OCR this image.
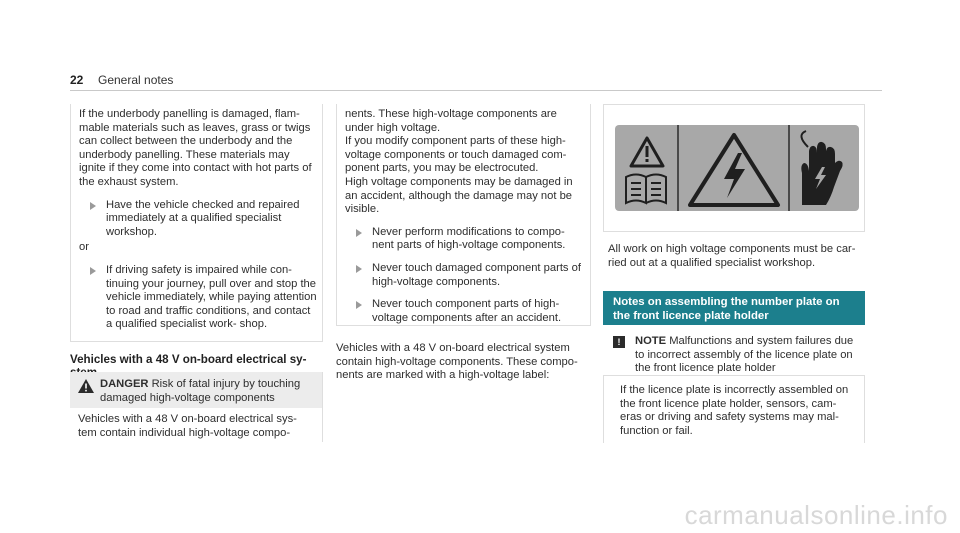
22 General notes

If the underbody panelling is damaged, flam- mable materials such as leaves, grass or twigs can collect between the underbody and the underbody panelling. These materials may ignite if they come into contact with hot parts of the exhaust system.

Have the vehicle checked and repaired immediately at a qualified specialist workshop.

or

If driving safety is impaired while con- tinuing your journey, pull over and stop the vehicle immediately, while paying attention to road and traffic conditions, and contact a qualified specialist work- shop.
Vehicles with a 48 V on-board electrical sy
DANGER Risk of fatal injury by touching damaged high-voltage components
Vehicles with a 48 V on-board electrical sys- tem contain individual high-voltage compo-

nents. These high-voltage components are under high voltage.

If you modify component parts of these high- voltage components or touch damaged com- ponent parts, you may be electrocuted.

High voltage components may be damaged in an accident, although the damage may not be visible.

Never perform modifications to compo- nent parts of high-voltage components.
Never touch damaged component parts of high-voltage components.
Never touch component parts of high- voltage components after an accident.
Vehicles with a 48 V on-board electrical system contain high-voltage components. These compo- nents are marked with a high-voltage label:
All work on high voltage components must be car- ried out at a qualified specialist workshop.
Notes on assembling the number plate on the front licence plate holder
!	NOTE Malfunctions and system failures due to incorrect assembly of the licence plate on the front licence plate holder
If the licence plate is incorrectly assembled on the front licence plate holder, sensors, cam- eras or driving and safety systems may mal- function or fail.
carmanualsonline.info
